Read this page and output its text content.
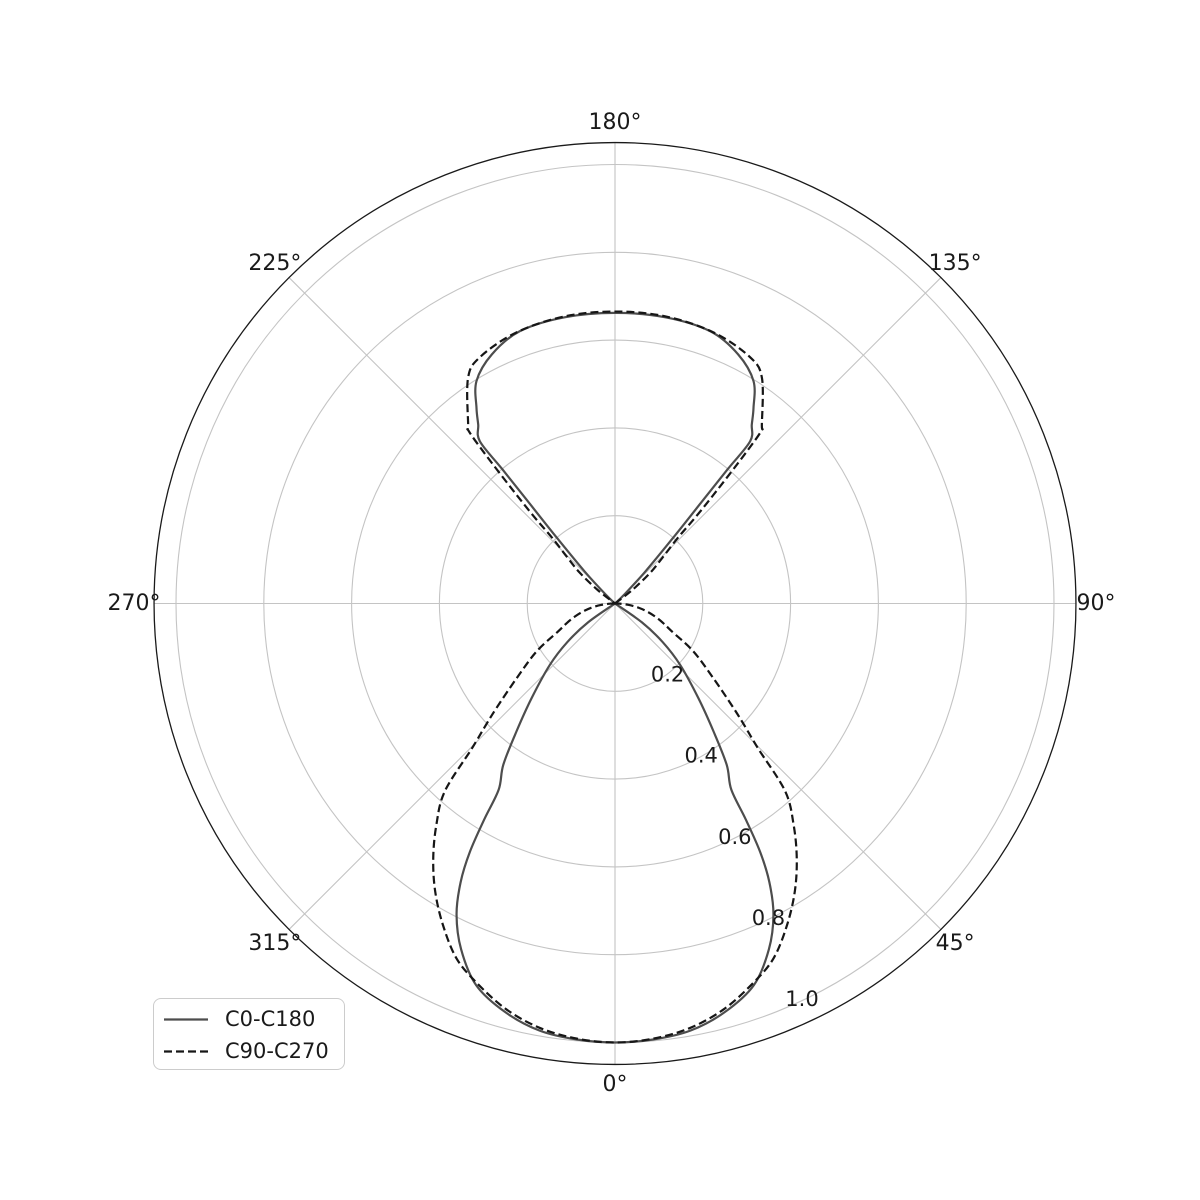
0°
45°
90°
135°
180°
225°
270°
315°
0.2
0.4
0.6
0.8
1.0
C0-C180
C90-C270
